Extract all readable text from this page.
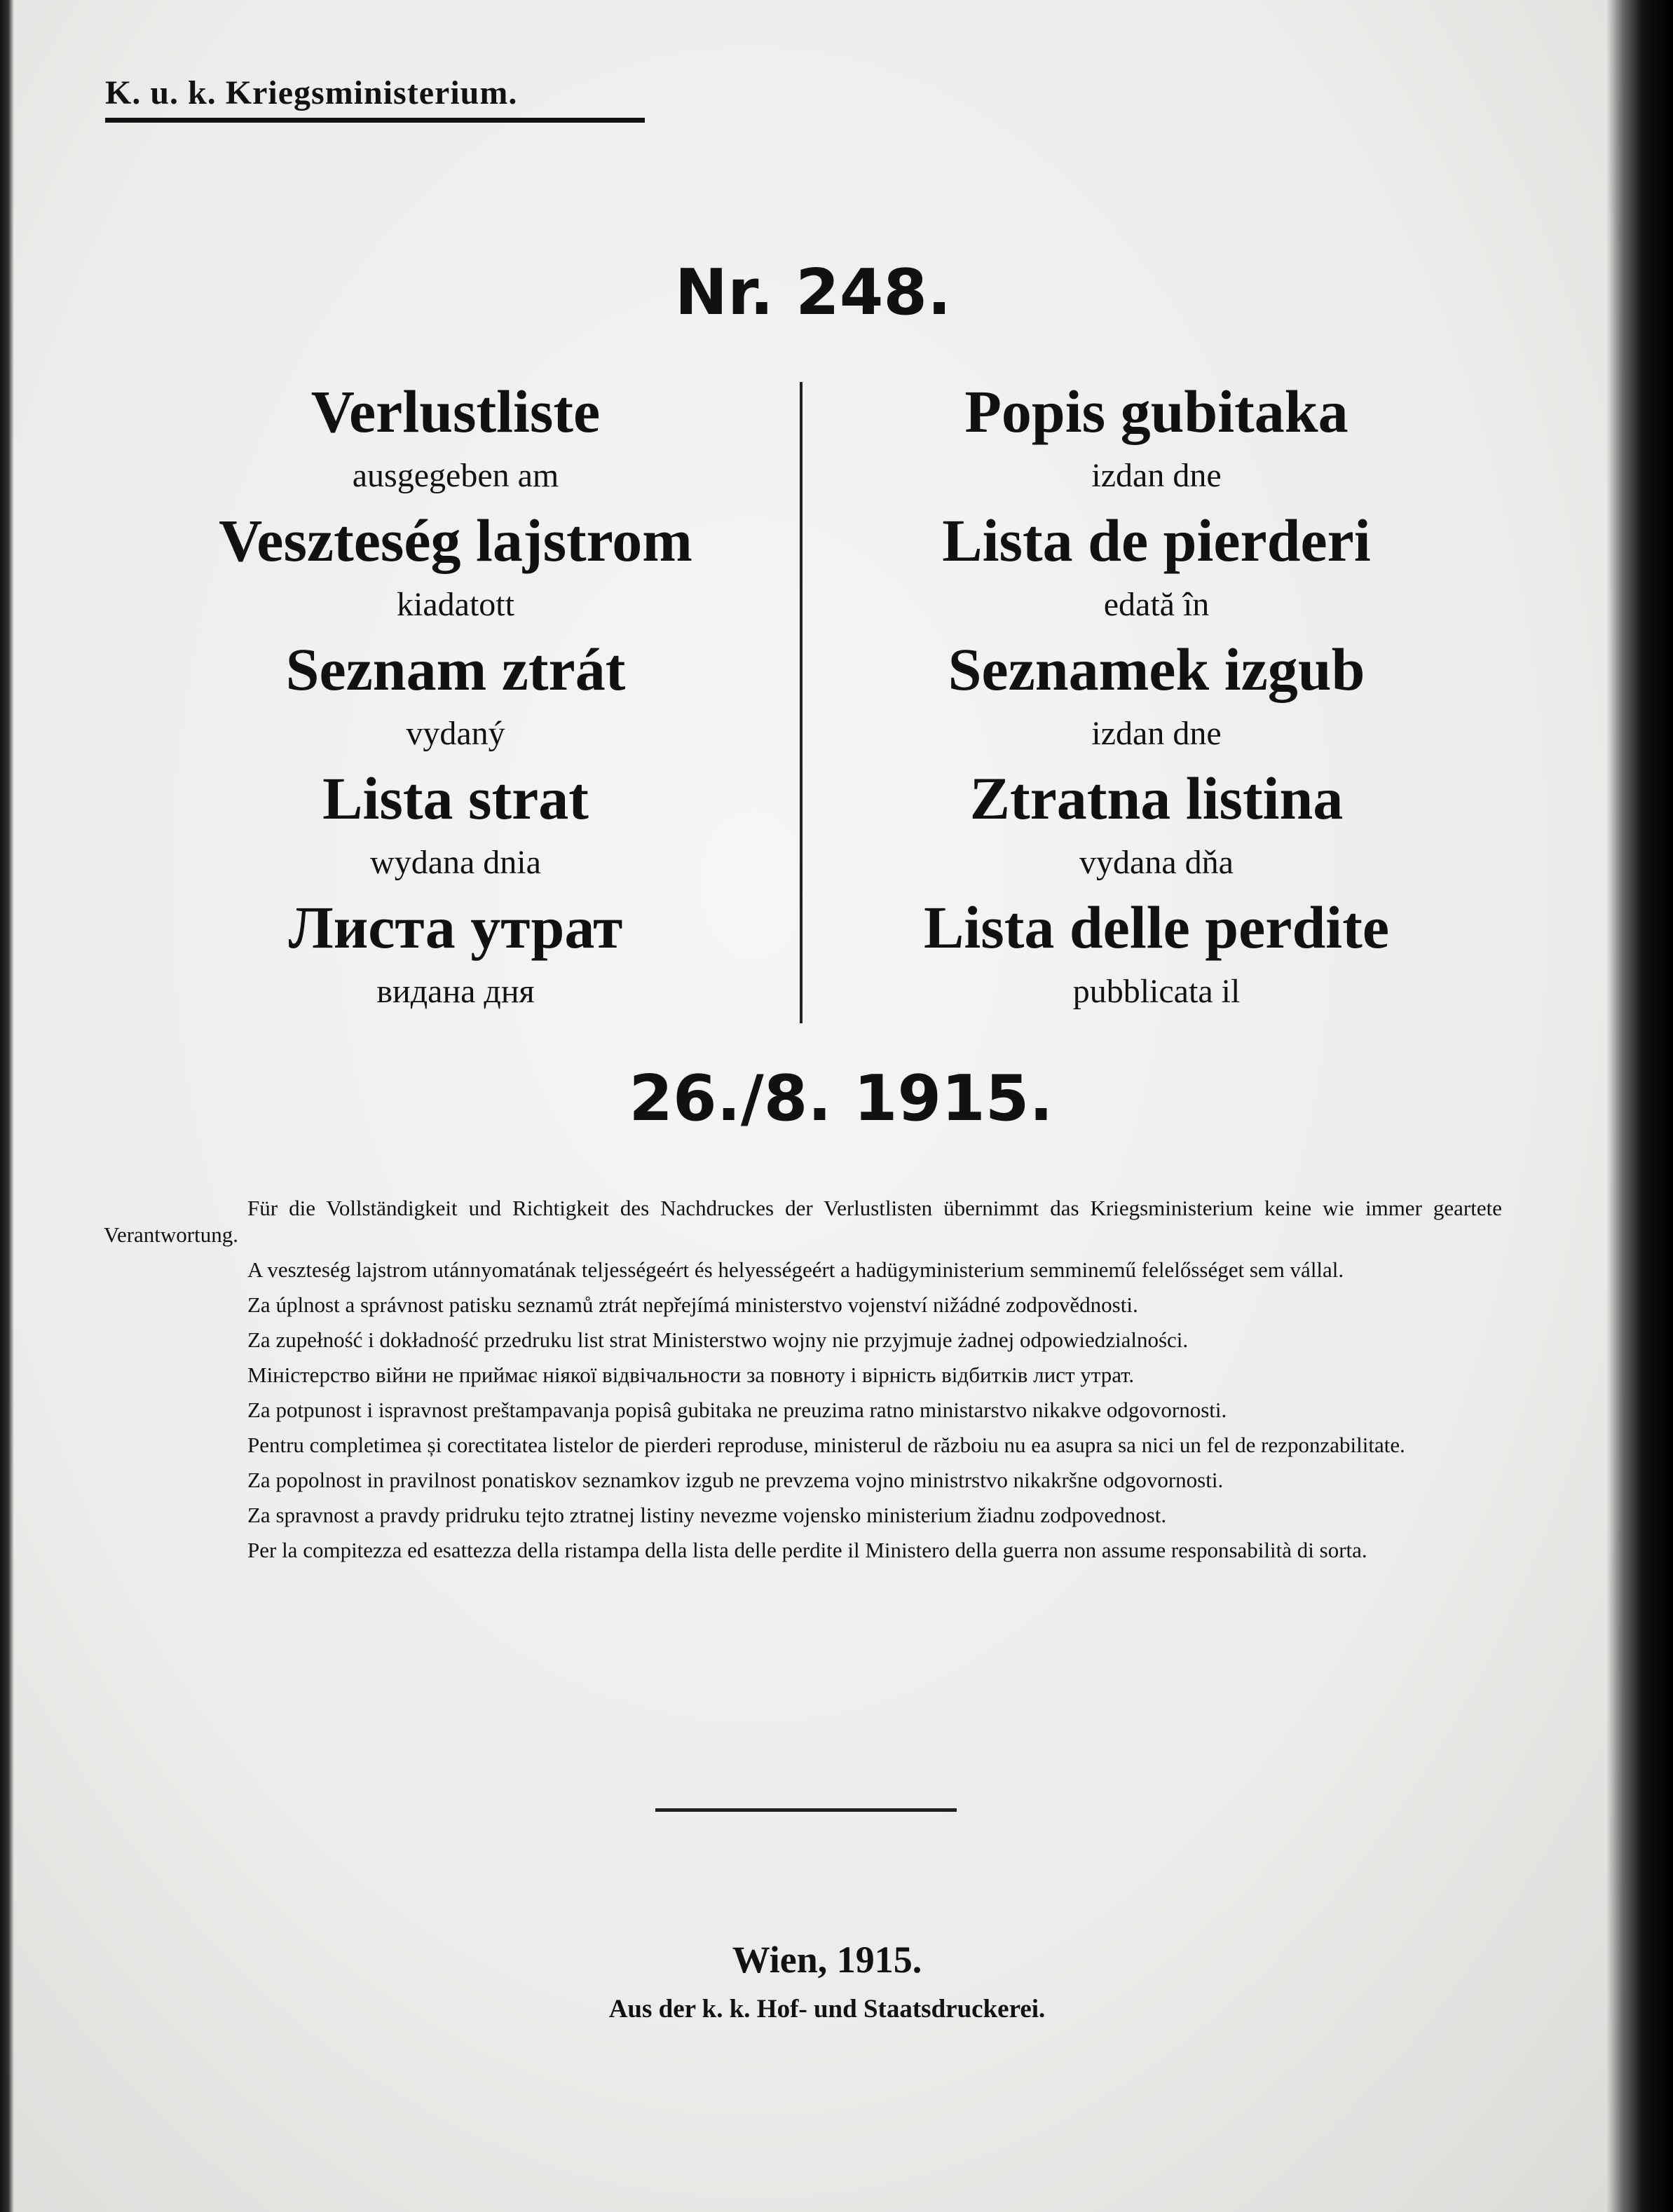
K. u. k. Kriegsministerium.
Nr. 248.
Verlustliste
ausgegeben am
Veszteség lajstrom
kiadatott
Seznam ztrát
vydaný
Lista strat
wydana dnia
Листа утрат
видана дня
Popis gubitaka
izdan dne
Lista de pierderi
edată în
Seznamek izgub
izdan dne
Ztratna listina
vydana dňa
Lista delle perdite
pubblicata il
26./8. 1915.

Für die Vollständigkeit und Richtigkeit des Nachdruckes der Verlustlisten übernimmt das Kriegsministerium keine wie immer geartete Verantwortung.

A veszteség lajstrom utánnyomatának teljességeért és helyességeért a hadügyministerium semminemű felelősséget sem vállal.

Za úplnost a správnost patisku seznamů ztrát nepřejímá ministerstvo vojenství nižádné zodpovědnosti.

Za zupełność i dokładność przedruku list strat Ministerstwo wojny nie przyjmuje żadnej odpowiedzialności.

Міністерство війни не приймає ніякої відвічальности за повноту і вірність відбитків лист утрат.

Za potpunost i ispravnost preštampavanja popisâ gubitaka ne preuzima ratno ministarstvo nikakve odgovornosti.

Pentru completimea și corectitatea listelor de pierderi reproduse, ministerul de războiu nu ea asupra sa nici un fel de rezponzabilitate.

Za popolnost in pravilnost ponatiskov seznamkov izgub ne prevzema vojno ministrstvo nikakršne odgovornosti.

Za spravnost a pravdy pridruku tejto ztratnej listiny nevezme vojensko ministerium žiadnu zodpovednost.

Per la compitezza ed esattezza della ristampa della lista delle perdite il Ministero della guerra non assume responsabilità di sorta.

Wien, 1915.
Aus der k. k. Hof- und Staatsdruckerei.
